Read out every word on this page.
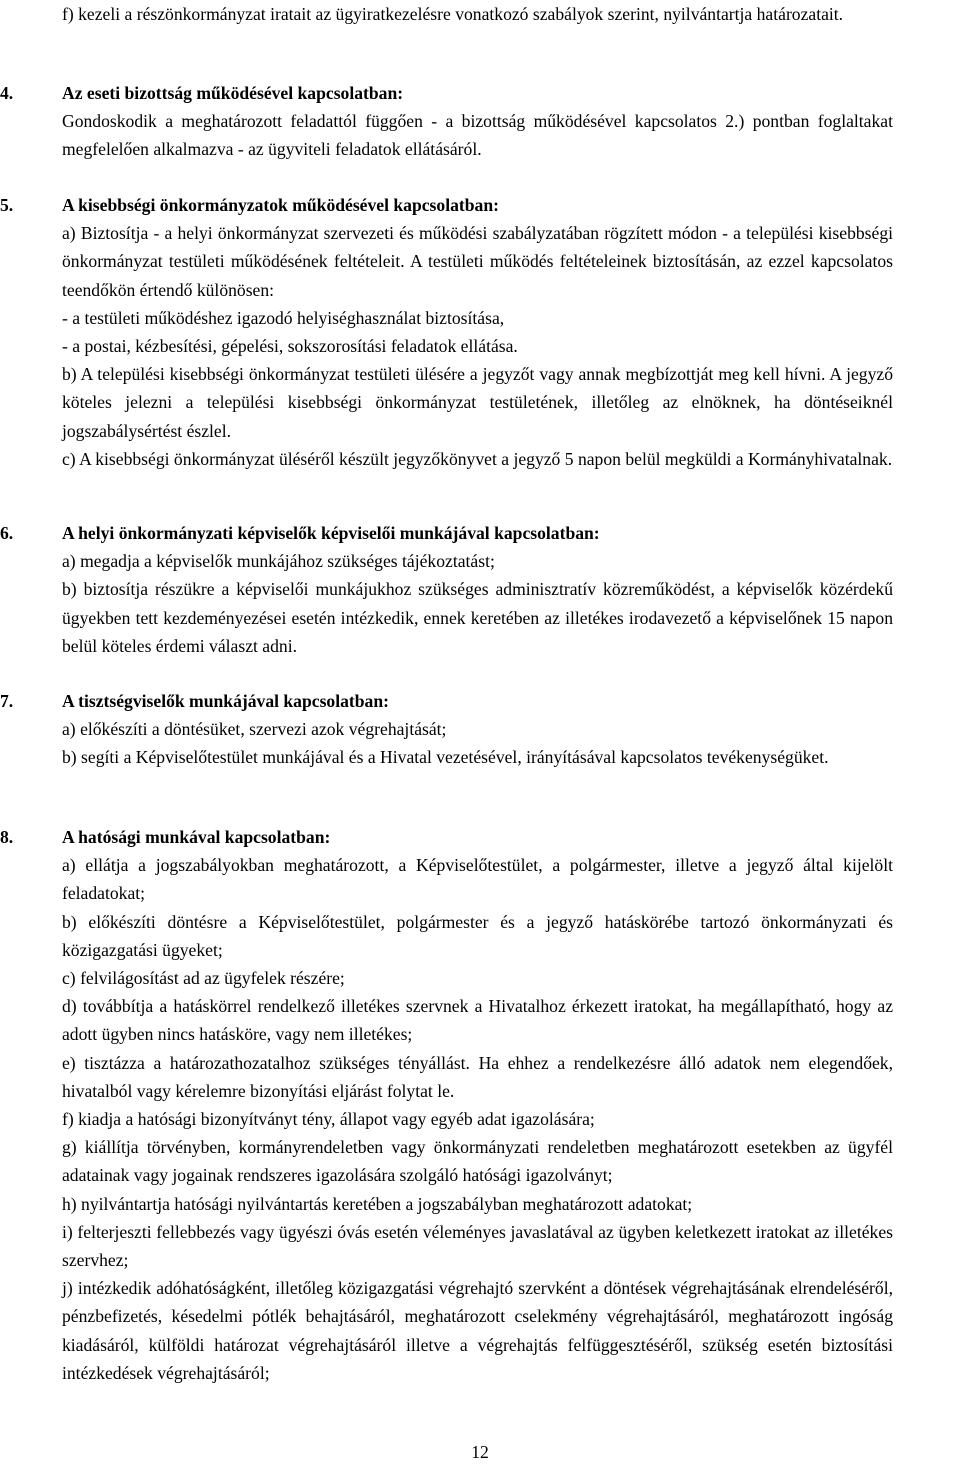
f) kezeli a részönkormányzat iratait az ügyiratkezelésre vonatkozó szabályok szerint, nyilvántartja határozatait.

4.	Az eseti bizottság működésével kapcsolatban:

Gondoskodik a meghatározott feladattól függően - a bizottság működésével kapcsolatos 2.) pontban foglaltakat megfelelően alkalmazva - az ügyviteli feladatok ellátásáról.

5.	A kisebbségi önkormányzatok működésével kapcsolatban:

a) Biztosítja - a helyi önkormányzat szervezeti és működési szabályzatában rögzített módon - a települési kisebbségi önkormányzat testületi működésének feltételeit. A testületi működés feltételeinek biztosításán, az ezzel kapcsolatos teendőkön értendő különösen:

- a testületi működéshez igazodó helyiséghasználat biztosítása,

- a postai, kézbesítési, gépelési, sokszorosítási feladatok ellátása.

b) A települési kisebbségi önkormányzat testületi ülésére a jegyzőt vagy annak megbízottját meg kell hívni. A jegyző köteles jelezni a települési kisebbségi önkormányzat testületének, illetőleg az elnöknek, ha döntéseiknél jogszabálysértést észlel.

c) A kisebbségi önkormányzat üléséről készült jegyzőkönyvet a jegyző 5 napon belül megküldi a Kormányhivatalnak.

6.	A helyi önkormányzati képviselők képviselői munkájával kapcsolatban:

a) megadja a képviselők munkájához szükséges tájékoztatást;

b) biztosítja részükre a képviselői munkájukhoz szükséges adminisztratív közreműködést, a képviselők közérdekű ügyekben tett kezdeményezései esetén intézkedik, ennek keretében az illetékes irodavezető a képviselőnek 15 napon belül köteles érdemi választ adni.

7.	A tisztségviselők munkájával kapcsolatban:

a) előkészíti a döntésüket, szervezi azok végrehajtását;

b) segíti a Képviselőtestület munkájával és a Hivatal vezetésével, irányításával kapcsolatos tevékenységüket.

8.	A hatósági munkával kapcsolatban:

a) ellátja a jogszabályokban meghatározott, a Képviselőtestület, a polgármester, illetve a jegyző által kijelölt feladatokat;

b) előkészíti döntésre a Képviselőtestület, polgármester és a jegyző hatáskörébe tartozó önkormányzati és közigazgatási ügyeket;

c) felvilágosítást ad az ügyfelek részére;

d) továbbítja a hatáskörrel rendelkező illetékes szervnek a Hivatalhoz érkezett iratokat, ha megállapítható, hogy az adott ügyben nincs hatásköre, vagy nem illetékes;

e) tisztázza a határozathozatalhoz szükséges tényállást. Ha ehhez a rendelkezésre álló adatok nem elegendőek, hivatalból vagy kérelemre bizonyítási eljárást folytat le.

f) kiadja a hatósági bizonyítványt tény, állapot vagy egyéb adat igazolására;

g) kiállítja törvényben, kormányrendeletben vagy önkormányzati rendeletben meghatározott esetekben az ügyfél adatainak vagy jogainak rendszeres igazolására szolgáló hatósági igazolványt;

h) nyilvántartja hatósági nyilvántartás keretében a jogszabályban meghatározott adatokat;

i) felterjeszti fellebbezés vagy ügyészi óvás esetén véleményes javaslatával az ügyben keletkezett iratokat az illetékes szervhez;

j) intézkedik adóhatóságként, illetőleg közigazgatási végrehajtó szervként a döntések végrehajtásának elrendeléséről, pénzbefizetés, késedelmi pótlék behajtásáról, meghatározott cselekmény végrehajtásáról, meghatározott ingóság kiadásáról, külföldi határozat végrehajtásáról illetve a végrehajtás felfüggesztéséről, szükség esetén biztosítási intézkedések végrehajtásáról;

12
